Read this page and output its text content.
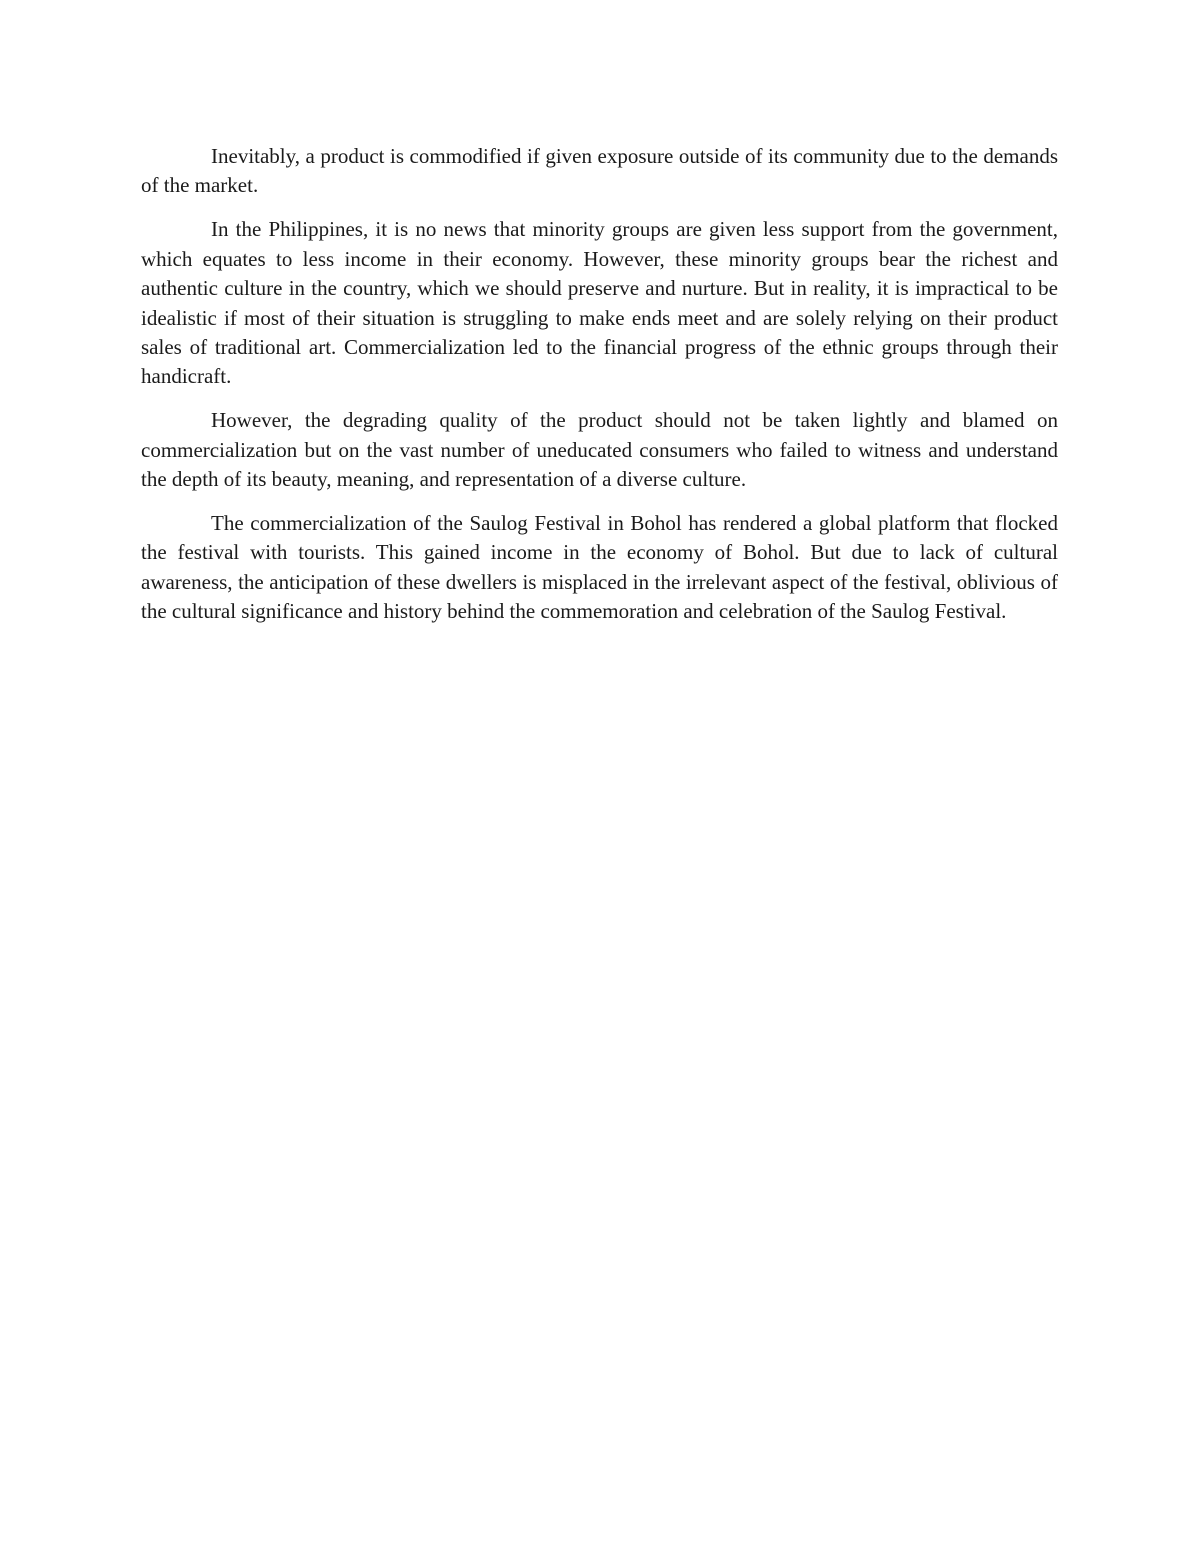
Inevitably, a product is commodified if given exposure outside of its community due to the demands of the market.

In the Philippines, it is no news that minority groups are given less support from the government, which equates to less income in their economy. However, these minority groups bear the richest and authentic culture in the country, which we should preserve and nurture. But in reality, it is impractical to be idealistic if most of their situation is struggling to make ends meet and are solely relying on their product sales of traditional art. Commercialization led to the financial progress of the ethnic groups through their handicraft.

However, the degrading quality of the product should not be taken lightly and blamed on commercialization but on the vast number of uneducated consumers who failed to witness and understand the depth of its beauty, meaning, and representation of a diverse culture.

The commercialization of the Saulog Festival in Bohol has rendered a global platform that flocked the festival with tourists. This gained income in the economy of Bohol. But due to lack of cultural awareness, the anticipation of these dwellers is misplaced in the irrelevant aspect of the festival, oblivious of the cultural significance and history behind the commemoration and celebration of the Saulog Festival.
